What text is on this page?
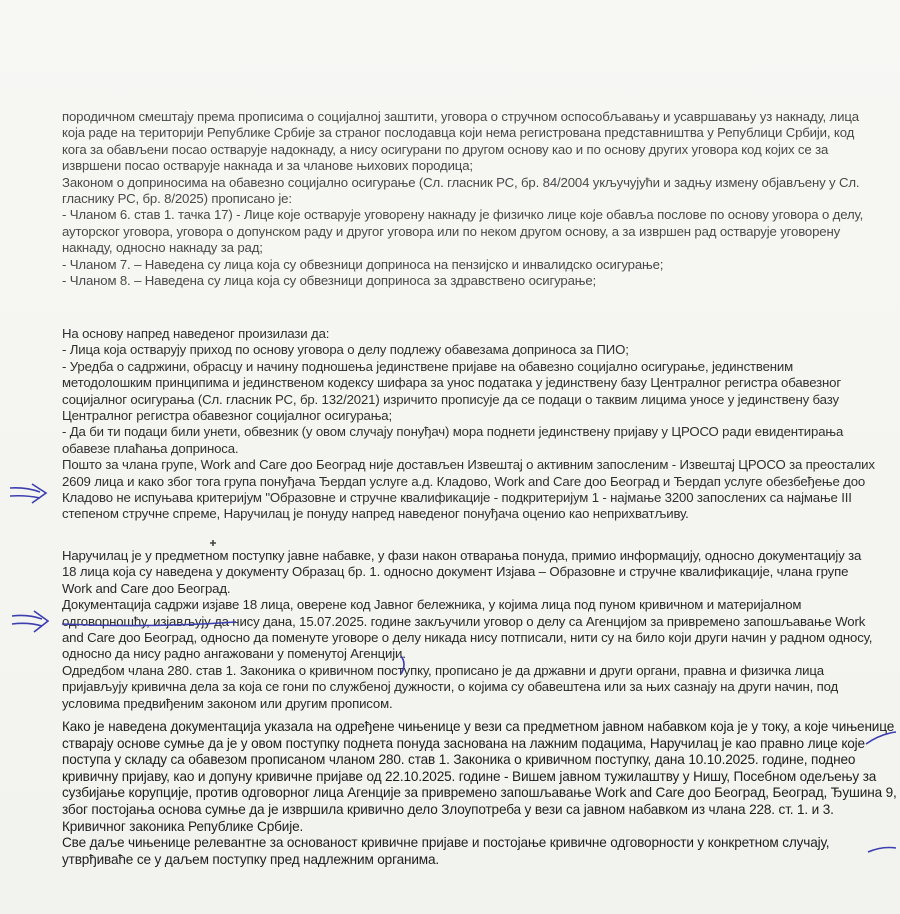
породичном смештају према прописима о социјалној заштити, уговора о стручном оспособљавању и усавршавању уз накнаду, лица
која раде на територији Републике Србије за страног послодавца који нема регистрована представништва у Републици Србији, код
кога за обављени посао остварује надокнаду, а нису осигурани по другом основу као и по основу других уговора код којих се за
извршени посао остварује накнада и за чланове њихових породица;
Законом о доприносима на обавезно социјално осигурање (Сл. гласник РС, бр. 84/2004 укључујући и задњу измену објављену у Сл.
гласнику РС, бр. 8/2025) прописано је:
- Чланом 6. став 1. тачка 17) - Лице које остварује уговорену накнаду је физичко лице које обавља послове по основу уговора о делу,
ауторског уговора, уговора о допунском раду и другог уговора или по неком другом основу, а за извршен рад остварује уговорену
накнаду, односно накнаду за рад;
- Чланом 7. – Наведена су лица која су обвезници доприноса на пензијско и инвалидско осигурање;
- Чланом 8. – Наведена су лица која су обвезници доприноса за здравствено осигурање;
На основу напред наведеног произилази да:
- Лица која остварују приход по основу уговора о делу подлежу обавезама доприноса за ПИО;
- Уредба о садржини, обрасцу и начину подношења јединствене пријаве на обавезно социјално осигурање, јединственим
методолошким принципима и јединственом кодексу шифара за унос података у јединствену базу Централног регистра обавезног
социјалног осигурања (Сл. гласник РС, бр. 132/2021) изричито прописује да се подаци о таквим лицима уносе у јединствену базу
Централног регистра обавезног социјалног осигурања;
- Да би ти подаци били унети, обвезник (у овом случају понуђач) мора поднети јединствену пријаву у ЦРОСО ради евидентирања
обавезе плаћања доприноса.
Пошто за члана групе, Work and Care доо Београд није достављен Извештај о активним запосленим - Извештај ЦРОСО за преосталих
2609 лица и како због тога група понуђача Ђердап услуге а.д. Кладово, Work and Care доо Београд и Ђердап услуге обезбеђење доо
Кладово не испуњава критеријум "Образовне и стручне квалификације - подкритеријум 1 - најмање 3200 запослених са најмање III
степеном стручне спреме, Наручилац је понуду напред наведеног понуђача оценио као неприхватљиву.
Наручилац је у предметном поступку јавне набавке, у фази након отварања понуда, примио информацију, односно документацију за
18 лица која су наведена у документу Образац бр. 1. односно документ Изјава – Образовне и стручне квалификације, члана групе
Work and Care доо Београд.
Документација садржи изјаве 18 лица, оверене код Јавног бележника, у којима лица под пуном кривичном и материјалном
одговорношћу, изјављују да нису дана, 15.07.2025. године закључили уговор о делу са Агенцијом за привремено запошљавање Work
and Care доо Београд, односно да поменуте уговоре о делу никада нису потписали, нити су на било који други начин у радном односу,
односно да нису радно ангажовани у поменутој Агенцији.
Одредбом члана 280. став 1. Законика о кривичном поступку, прописано је да државни и други органи, правна и физичка лица
пријављују кривична дела за која се гони по службеној дужности, о којима су обавештена или за њих сазнају на други начин, под
условима предвиђеним законом или другим прописом.
Како је наведена документација указала на одређене чињенице у вези са предметном јавном набавком која је у току, а које чињенице
стварају основе сумње да је у овом поступку поднета понуда заснована на лажним подацима, Наручилац је као правно лице које
поступа у складу са обавезом прописаном чланом 280. став 1. Законика о кривичном поступку, дана 10.10.2025. године, поднео
кривичну пријаву, као и допуну кривичне пријаве од 22.10.2025. године - Вишем јавном тужилаштву у Нишу, Посебном одељењу за
сузбијање корупције, против одговорног лица Агенције за привремено запошљавање Work and Care доо Београд, Београд, Ђушина 9,
због постојања основа сумње да је извршила кривично дело Злоупотреба у вези са јавном набавком из члана 228. ст. 1. и 3.
Кривичног законика Републике Србије.
Све даље чињенице релевантне за основаност кривичне пријаве и постојање кривичне одговорности у конкретном случају,
утврђиваће се у даљем поступку пред надлежним органима.
